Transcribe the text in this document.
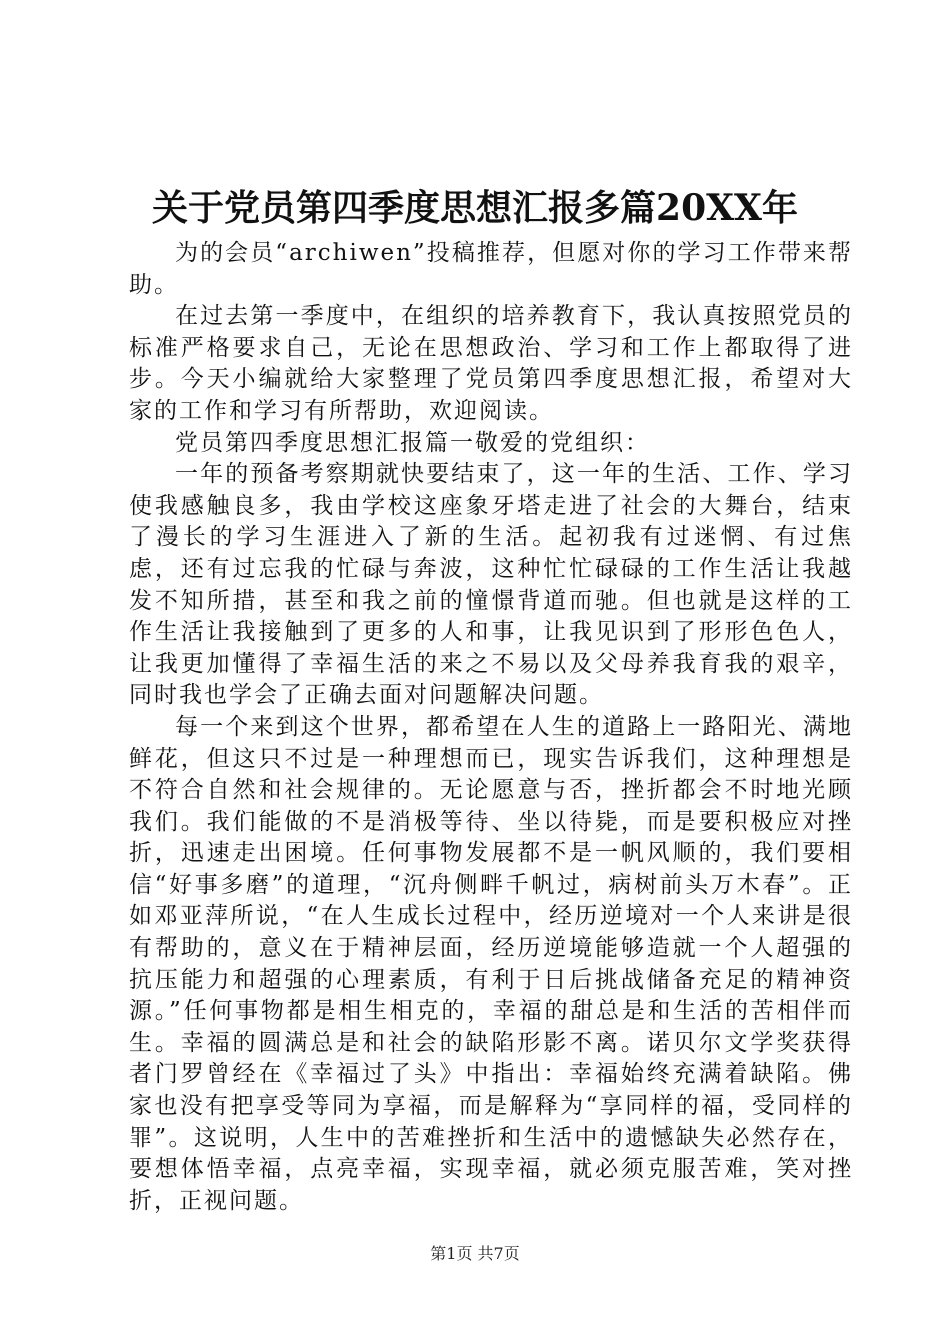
关于党员第四季度思想汇报多篇20XX年

为的会员“archiwen”投稿推荐，但愿对你的学习工作带来帮助。

在过去第一季度中，在组织的培养教育下，我认真按照党员的标准严格要求自己，无论在思想政治、学习和工作上都取得了进步。今天小编就给大家整理了党员第四季度思想汇报，希望对大家的工作和学习有所帮助，欢迎阅读。

党员第四季度思想汇报篇一敬爱的党组织：

一年的预备考察期就快要结束了，这一年的生活、工作、学习使我感触良多，我由学校这座象牙塔走进了社会的大舞台，结束了漫长的学习生涯进入了新的生活。起初我有过迷惘、有过焦虑，还有过忘我的忙碌与奔波，这种忙忙碌碌的工作生活让我越发不知所措，甚至和我之前的憧憬背道而驰。但也就是这样的工作生活让我接触到了更多的人和事，让我见识到了形形色色人，让我更加懂得了幸福生活的来之不易以及父母养我育我的艰辛，同时我也学会了正确去面对问题解决问题。

每一个来到这个世界，都希望在人生的道路上一路阳光、满地鲜花，但这只不过是一种理想而已，现实告诉我们，这种理想是不符合自然和社会规律的。无论愿意与否，挫折都会不时地光顾我们。我们能做的不是消极等待、坐以待毙，而是要积极应对挫折，迅速走出困境。任何事物发展都不是一帆风顺的，我们要相信“好事多磨”的道理，“沉舟侧畔千帆过，病树前头万木春”。正如邓亚萍所说，“在人生成长过程中，经历逆境对一个人来讲是很有帮助的，意义在于精神层面，经历逆境能够造就一个人超强的抗压能力和超强的心理素质，有利于日后挑战储备充足的精神资源。”任何事物都是相生相克的，幸福的甜总是和生活的苦相伴而生。幸福的圆满总是和社会的缺陷形影不离。诺贝尔文学奖获得者门罗曾经在《幸福过了头》中指出：幸福始终充满着缺陷。佛家也没有把享受等同为享福，而是解释为“享同样的福，受同样的罪”。这说明，人生中的苦难挫折和生活中的遗憾缺失必然存在，要想体悟幸福，点亮幸福，实现幸福，就必须克服苦难，笑对挫折，正视问题。

第1页 共7页
